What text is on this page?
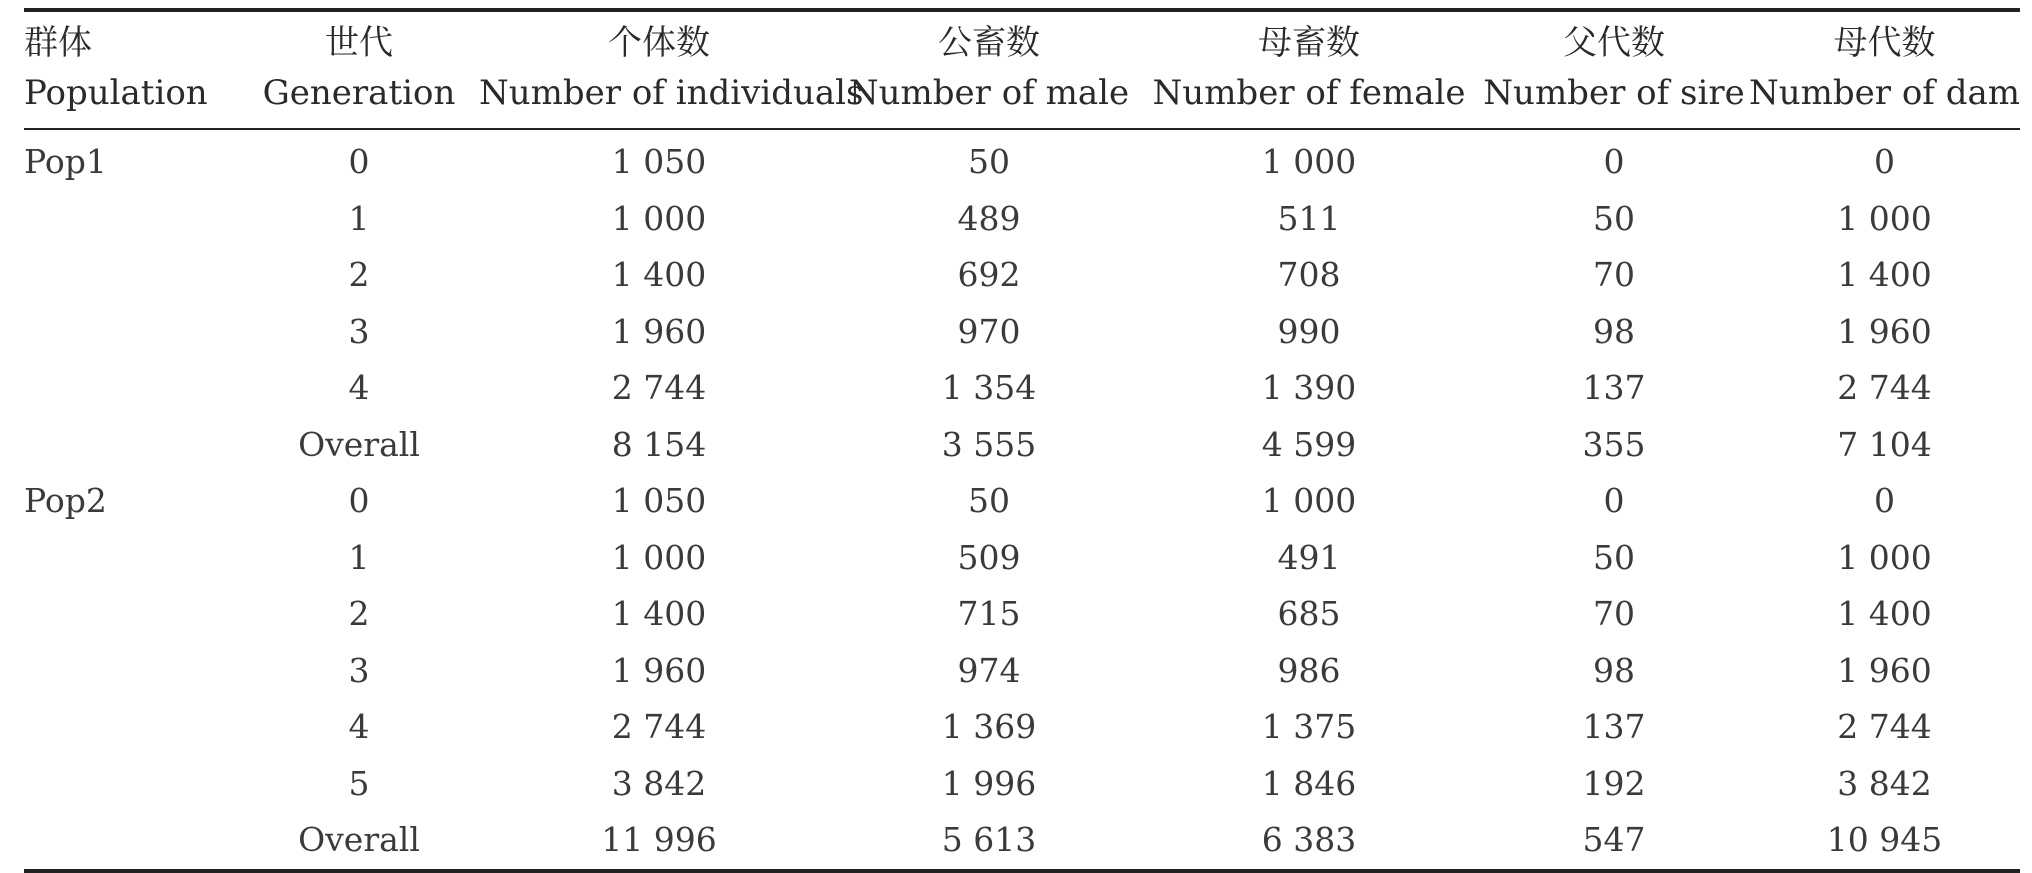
群体	世代	个体数	公畜数	母畜数	父代数	母代数
Population	Generation	Number of individuals	Number of male	Number of female	Number of sire	Number of dam
Pop1	0	1 050	50	1 000	0	0
	1	1 000	489	511	50	1 000
	2	1 400	692	708	70	1 400
	3	1 960	970	990	98	1 960
	4	2 744	1 354	1 390	137	2 744
	Overall	8 154	3 555	4 599	355	7 104
Pop2	0	1 050	50	1 000	0	0
	1	1 000	509	491	50	1 000
	2	1 400	715	685	70	1 400
	3	1 960	974	986	98	1 960
	4	2 744	1 369	1 375	137	2 744
	5	3 842	1 996	1 846	192	3 842
	Overall	11 996	5 613	6 383	547	10 945
